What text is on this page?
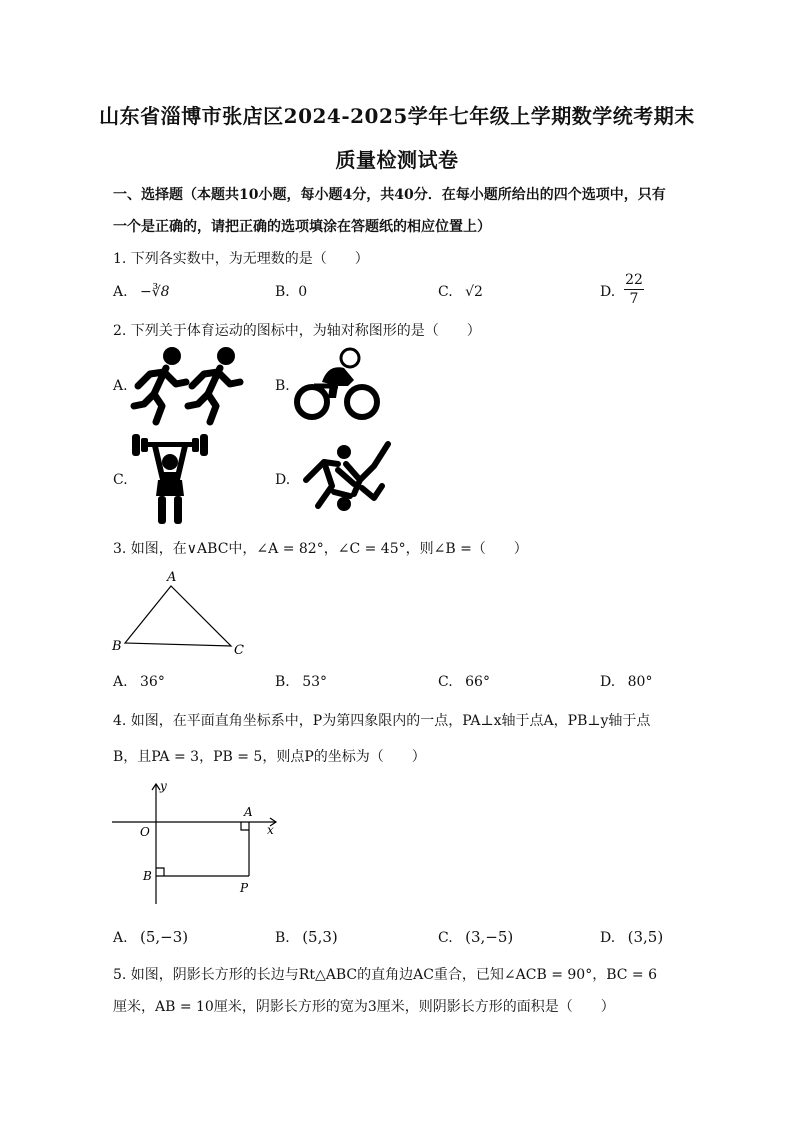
山东省淄博市张店区2024-2025学年七年级上学期数学统考期末
质量检测试卷
一、选择题（本题共10小题，每小题4分，共40分．在每小题所给出的四个选项中，只有
一个是正确的，请把正确的选项填涂在答题纸的相应位置上）
1. 下列各实数中，为无理数的是（　　）
A. −∛8	B. 0	C. √2	D.
22
7
2. 下列关于体育运动的图标中，为轴对称图形的是（　　）
A.	B.
C.	D.
3. 如图，在∨ABC中，∠A = 82°，∠C = 45°，则∠B =（　　）
A
B	C
A. 36°	B. 53°	C. 66°	D. 80°
4. 如图，在平面直角坐标系中，P为第四象限内的一点，PA⊥x轴于点A，PB⊥y轴于点
B，且PA = 3，PB = 5，则点P的坐标为（　　）
y
x
O
A
B
P
A. (5,−3)	B. (5,3)	C. (3,−5)	D. (3,5)
5. 如图，阴影长方形的长边与Rt△ABC的直角边AC重合，已知∠ACB = 90°，BC = 6
厘米，AB = 10厘米，阴影长方形的宽为3厘米，则阴影长方形的面积是（　　）
